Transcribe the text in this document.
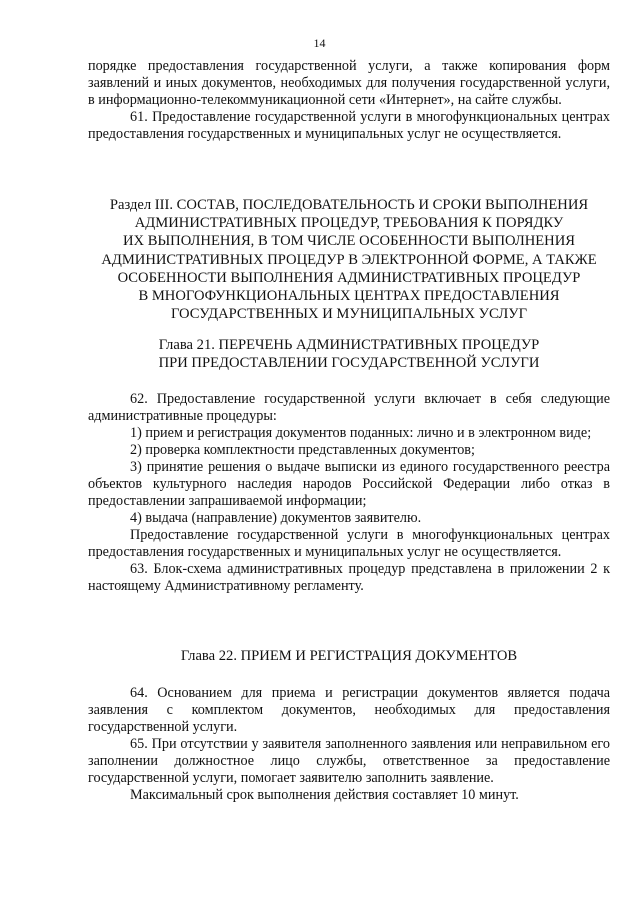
14

порядке предоставления государственной услуги, а также копирования форм заявлений и иных документов, необходимых для получения государственной услуги, в информационно-телекоммуникационной сети «Интернет», на сайте службы.

61. Предоставление государственной услуги в многофункциональных центрах предоставления государственных и муниципальных услуг не осуществляется.

Раздел III. СОСТАВ, ПОСЛЕДОВАТЕЛЬНОСТЬ И СРОКИ ВЫПОЛНЕНИЯ

АДМИНИСТРАТИВНЫХ ПРОЦЕДУР, ТРЕБОВАНИЯ К ПОРЯДКУ

ИХ ВЫПОЛНЕНИЯ, В ТОМ ЧИСЛЕ ОСОБЕННОСТИ ВЫПОЛНЕНИЯ

АДМИНИСТРАТИВНЫХ ПРОЦЕДУР В ЭЛЕКТРОННОЙ ФОРМЕ, А ТАКЖЕ

ОСОБЕННОСТИ ВЫПОЛНЕНИЯ АДМИНИСТРАТИВНЫХ ПРОЦЕДУР

В МНОГОФУНКЦИОНАЛЬНЫХ ЦЕНТРАХ ПРЕДОСТАВЛЕНИЯ

ГОСУДАРСТВЕННЫХ И МУНИЦИПАЛЬНЫХ УСЛУГ

Глава 21. ПЕРЕЧЕНЬ АДМИНИСТРАТИВНЫХ ПРОЦЕДУР

ПРИ ПРЕДОСТАВЛЕНИИ ГОСУДАРСТВЕННОЙ УСЛУГИ

62. Предоставление государственной услуги включает в себя следующие административные процедуры:

1) прием и регистрация документов поданных: лично и в электронном виде;

2) проверка комплектности представленных документов;

3) принятие решения о выдаче выписки из единого государственного реестра объектов культурного наследия народов Российской Федерации либо отказ в предоставлении запрашиваемой информации;

4) выдача (направление) документов заявителю.

Предоставление государственной услуги в многофункциональных центрах предоставления государственных и муниципальных услуг не осуществляется.

63. Блок-схема административных процедур представлена в приложении 2 к настоящему Административному регламенту.

Глава 22. ПРИЕМ И РЕГИСТРАЦИЯ ДОКУМЕНТОВ

64. Основанием для приема и регистрации документов является подача заявления с комплектом документов, необходимых для предоставления государственной услуги.

65. При отсутствии у заявителя заполненного заявления или неправильном его заполнении должностное лицо службы, ответственное за предоставление государственной услуги, помогает заявителю заполнить заявление.

Максимальный срок выполнения действия составляет 10 минут.
